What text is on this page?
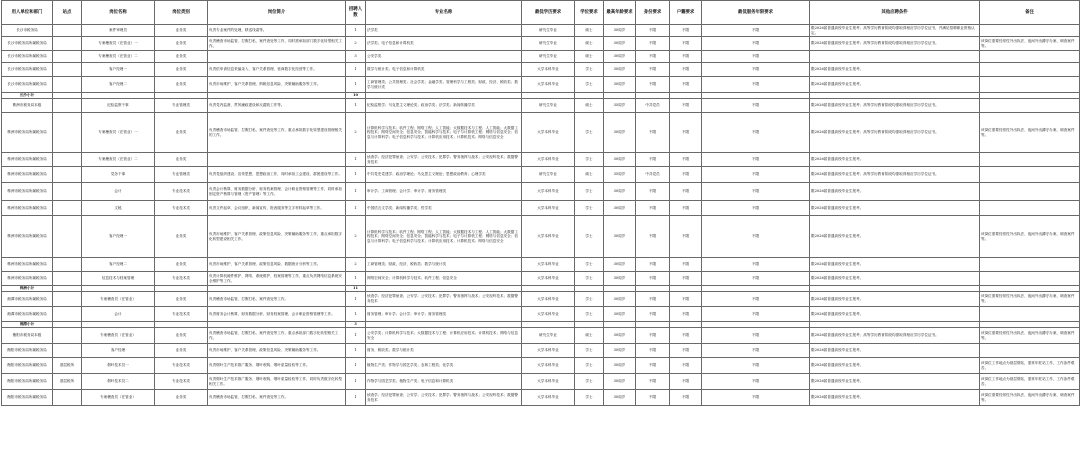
用人单位和部门	站点	岗位名称	岗位类别	岗位简介	招聘人数	专业名称	最低学历要求	学位要求	最高年龄要求	身份要求	户籍要求	最低服务年限要求	其他应聘条件	备注
长沙市税务局		案件审理员	业务类	负责专业案件的处理，移送线索等。	1	法学类	研究生毕业	硕士	30周岁	不限	不限	不限	限2026届普通高校毕业生报考；高等学历教育阶段均需取得相应学历学位证书，并满足招聘职业资格认定。	
长沙市税务局所属税务局		专案稽查员（在管业）一	业务类	负责稽查市场监管、打假打私、案件查处等工作，同时需承担部门数字化转型相关工作。	2	法学类；电子信息和计算机类	研究生毕业	硕士	30周岁	不限	不限	不限	限2026届普通高校毕业生报考；高等学历教育阶段均需取得相应学历学位证书。	该岗位需要经常性外出执法、夜间外出蹲守办案、调查案件等。
长沙市税务局所属税务局		专案稽查员（在管业）二	业务类		3	公安学类	研究生毕业	硕士	30周岁	不限	不限	不限		
长沙市税务局所属税务局		客户经理一	业务类	负责依申请信息采编录入、客户关系管理、营商数字化经营等工作。	1	数学与统计类；电子信息和计算机类	大学本科毕业	学士	30周岁	不限	不限	不限	限2026届普通高校毕业生报考。	
长沙市税务局所属税务局		客户经理二	业务类	负责市场维护、客户关系管理、纳税信息风险、决策辅助服务等工作。	1	工商管理类；公共管理类；社会学类；金融学类；管理科学与工程类；财政、经济、税收类；数学与统计类	大学本科毕业	学士	30周岁	不限	不限	不限	限2026届普通高校毕业生报考。	
长沙小计					10									
株洲市税务局本级		纪检监察干事	专业管理类	负责党内监督、贯风廉政建设和反腐败工作等。	1	纪检监察学；马克思主义理论类；政治学类；法学类；新闻传播学类	研究生毕业	硕士	35周岁	中共党员	不限	不限	限2026届普通高校毕业生报考；高等学历教育阶段均需取得相应学历学位证书。	
株洲市税务局所属税务局		专案稽查员（在管业）一	业务类	负责稽查市场监管、打假打私、案件查处等工作，重点承担数字化转型建设管理相关的工作。	2	计算机科学与技术；软件工程；网络工程；人工智能；大数据技术与工程；人工智能；大数据工程技术；网络空间安全；信息安全；智能科学与技术；电子与计算机工程；网络与信息安全；信息与计算科学；电子信息科学与技术；计算机应用技术；计算机技术；网络与信息安全	大学本科毕业	学士	30周岁	不限	不限	不限	限2026届普通高校毕业生报考；高等学历教育阶段均需取得相应学历学位证书。	该岗位需要经常性外出执法、夜间外出蹲守办案、调查案件等。
株洲市税务局所属税务局		专案稽查员（在管业）二	业务类		1	侦查学；经济犯罪侦查；公安学；公安技术；犯罪学；警务指挥与战术；公安视听技术；数据警务技术	大学本科毕业	学士	30周岁	不限	不限	不限	限2026届普通高校毕业生报考。	
株洲市税务局所属税务局		党务干事	专业管理类	负责党组织建设、宣传思想、思想政治工作，同时承担工会建设、群团建设等工作。	1	中共党史党建学；政治学理论；马克思主义理论；思想政治教育；心理学类	研究生毕业	硕士	35周岁	中共党员	不限	不限	限2026届普通高校毕业生报考；高等学历教育阶段均需取得相应学历学位证书。	
株洲市税务局所属税务局		会计	专业技术类	负责会计核算、财务数据分析、财务档案管理、会计职业资格管理等工作，同时承担固定资产核算与管理（资产管理）等工作。	1	审计学；工商管理；会计学；审计学；财务管理类	大学本科毕业	学士	30周岁	不限	不限	不限	限2026届普通高校毕业生报考。	
株洲市税务局所属税务局		文秘	专业技术类	负责文件起草、会议组织、新闻宣传、报表服务等文字材料起草等工作。	1	中国语言文学类；新闻传播学类；哲学类	大学本科毕业	学士	30周岁	不限	不限	不限	限2026届普通高校毕业生报考。	
株洲市税务局所属税务局		客户经理一	业务类	负责市场维护、客户关系管理、政策信息风险、决策辅助服务等工作，重点承担数字化转型建设相关工作。	2	计算机科学与技术；软件工程；网络工程；人工智能；大数据技术与工程；人工智能；大数据工程技术；网络空间安全；信息安全；智能科学与技术；电子与计算机工程；网络与信息安全；信息与计算科学；电子信息科学与技术；计算机应用技术；计算机技术；网络与信息安全	大学本科毕业	学士	30周岁	不限	不限	不限	限2026届普通高校毕业生报考。	该岗位需要经常性外出执法、夜间外出蹲守办案、调查案件等。
株洲市税务局所属税务局		客户经理二	业务类	负责市场维护、客户关系管理、政策信息风险、数据统计分析等工作。	2	工商管理类；财政、经济、税收类；数学与统计类	大学本科毕业	学士	30周岁	不限	不限	不限	限2026届普通高校毕业生报考。	
株洲市税务局所属税务局		信息技术与档案管理	专业技术类	负责计算机硬件维护、网络、系统维护、档案管理等工作，重点负责网络信息系统安全维护等工作。	1	网络空间安全；计算机科学与技术；软件工程；信息安全	大学本科毕业	学士	30周岁	不限	不限	不限	限2026届普通高校毕业生报考。	
株洲小计					11									
湘潭市税务局所属税务局		专案稽查员（在管业）	业务类	负责稽查市场监管、打假打私、案件查处等工作。	1	侦查学；经济犯罪侦查；公安学；公安技术；犯罪学；警务指挥与战术；公安视听技术；数据警务技术	大学本科毕业	学士	30周岁	不限	不限	不限	限2026届普通高校毕业生报考。	该岗位需要经常性外出执法、夜间外出蹲守办案、调查案件等。
湘潭市税务局所属税务局		会计	专业技术类	负责财务会计核算、财务数据分析、财务档案管理、会计职业资格管理等工作。	1	财务管理；审计学；会计学；审计学；财务管理类	大学本科毕业	学士	30周岁	不限	不限	不限	限2026届普通高校毕业生报考。	
湘潭小计					3									
衡阳市税务局本级		专案稽查员（在管业）	业务类	负责稽查市场监管、打假打私、案件查处等工作，重点承担部门数字化转型相关工作。	1	公安学类；计算机科学与技术；大数据技术与工程；计算机应用技术；计算机技术；网络与信息安全	研究生毕业	硕士	30周岁	不限	不限	不限	限2026届普通高校毕业生报考；高等学历教育阶段均需取得相应学历学位证书。	该岗位需要经常性外出执法、夜间外出蹲守办案、调查案件等。
衡阳市税务局所属税务局		客户经理	业务类	负责市场维护、客户关系管理、政策信息风险、决策辅助服务等工作。	1	财务、税收类；数学与统计类	大学本科毕业	学士	30周岁	不限	不限	不限	限2026届普通高校毕业生报考。	
衡阳市税务局所属税务局	基层税所	烟叶技术员一	专业技术类	负责烟叶生产技术推广服务、烟叶收购、烟叶质量检验等工作。	1	植物生产类；作物学与园艺学类；农林工程类；化学类	大学本科毕业	学士	30周岁	不限	不限	不限	限2026届普通高校毕业生报考。	该岗位工作地点为基层烟站，需常年驻站工作，工作条件艰苦。
衡阳市税务局所属税务局	基层税所	烟叶技术员二	专业技术类	负责烟叶生产技术推广服务、烟叶收购、烟叶质量检验等工作，同时负责数字化转型相关工作。	1	作物学与园艺学类；植物生产类；电子信息和计算机类	大学本科毕业	学士	30周岁	不限	不限	不限	限2026届普通高校毕业生报考。	该岗位工作地点为基层烟站，需常年驻站工作，工作条件艰苦。
衡阳市税务局所属税务局		专案稽查员（在管业）	业务类	负责稽查市场监管、打假打私、案件查处等工作。	1	侦查学；经济犯罪侦查；公安学；公安技术；犯罪学；警务指挥与战术；公安视听技术；数据警务技术	大学本科毕业	学士	30周岁	不限	不限	不限	限2026届普通高校毕业生报考。	该岗位需要经常性外出执法、夜间外出蹲守办案、调查案件等。
